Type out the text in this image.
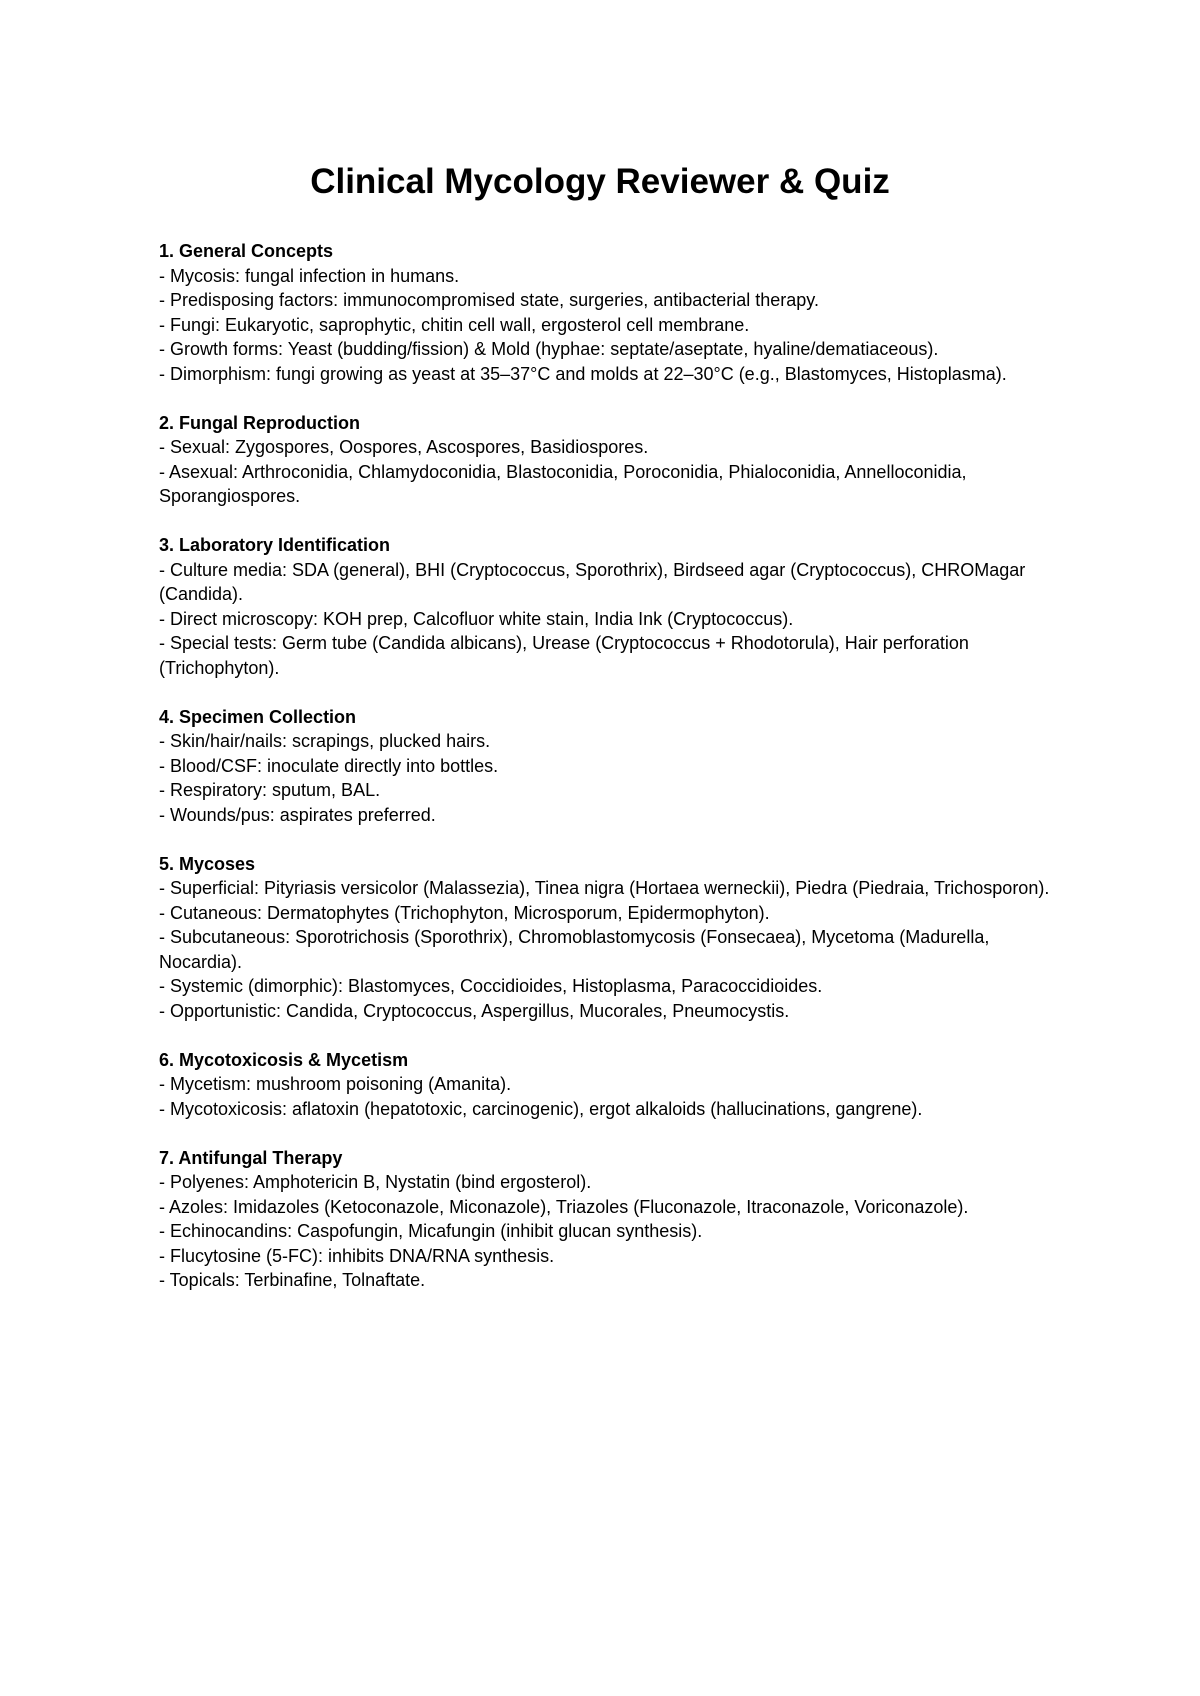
Clinical Mycology Reviewer & Quiz

1. General Concepts

- Mycosis: fungal infection in humans.

- Predisposing factors: immunocompromised state, surgeries, antibacterial therapy.

- Fungi: Eukaryotic, saprophytic, chitin cell wall, ergosterol cell membrane.

- Growth forms: Yeast (budding/fission) & Mold (hyphae: septate/aseptate, hyaline/dematiaceous).

- Dimorphism: fungi growing as yeast at 35–37°C and molds at 22–30°C (e.g., Blastomyces, Histoplasma).

2. Fungal Reproduction

- Sexual: Zygospores, Oospores, Ascospores, Basidiospores.

- Asexual: Arthroconidia, Chlamydoconidia, Blastoconidia, Poroconidia, Phialoconidia, Annelloconidia, Sporangiospores.

3. Laboratory Identification

- Culture media: SDA (general), BHI (Cryptococcus, Sporothrix), Birdseed agar (Cryptococcus), CHROMagar (Candida).

- Direct microscopy: KOH prep, Calcofluor white stain, India Ink (Cryptococcus).

- Special tests: Germ tube (Candida albicans), Urease (Cryptococcus + Rhodotorula), Hair perforation (Trichophyton).

4. Specimen Collection

- Skin/hair/nails: scrapings, plucked hairs.

- Blood/CSF: inoculate directly into bottles.

- Respiratory: sputum, BAL.

- Wounds/pus: aspirates preferred.

5. Mycoses

- Superficial: Pityriasis versicolor (Malassezia), Tinea nigra (Hortaea werneckii), Piedra (Piedraia, Trichosporon).

- Cutaneous: Dermatophytes (Trichophyton, Microsporum, Epidermophyton).

- Subcutaneous: Sporotrichosis (Sporothrix), Chromoblastomycosis (Fonsecaea), Mycetoma (Madurella, Nocardia).

- Systemic (dimorphic): Blastomyces, Coccidioides, Histoplasma, Paracoccidioides.

- Opportunistic: Candida, Cryptococcus, Aspergillus, Mucorales, Pneumocystis.

6. Mycotoxicosis & Mycetism

- Mycetism: mushroom poisoning (Amanita).

- Mycotoxicosis: aflatoxin (hepatotoxic, carcinogenic), ergot alkaloids (hallucinations, gangrene).

7. Antifungal Therapy

- Polyenes: Amphotericin B, Nystatin (bind ergosterol).

- Azoles: Imidazoles (Ketoconazole, Miconazole), Triazoles (Fluconazole, Itraconazole, Voriconazole).

- Echinocandins: Caspofungin, Micafungin (inhibit glucan synthesis).

- Flucytosine (5-FC): inhibits DNA/RNA synthesis.

- Topicals: Terbinafine, Tolnaftate.
